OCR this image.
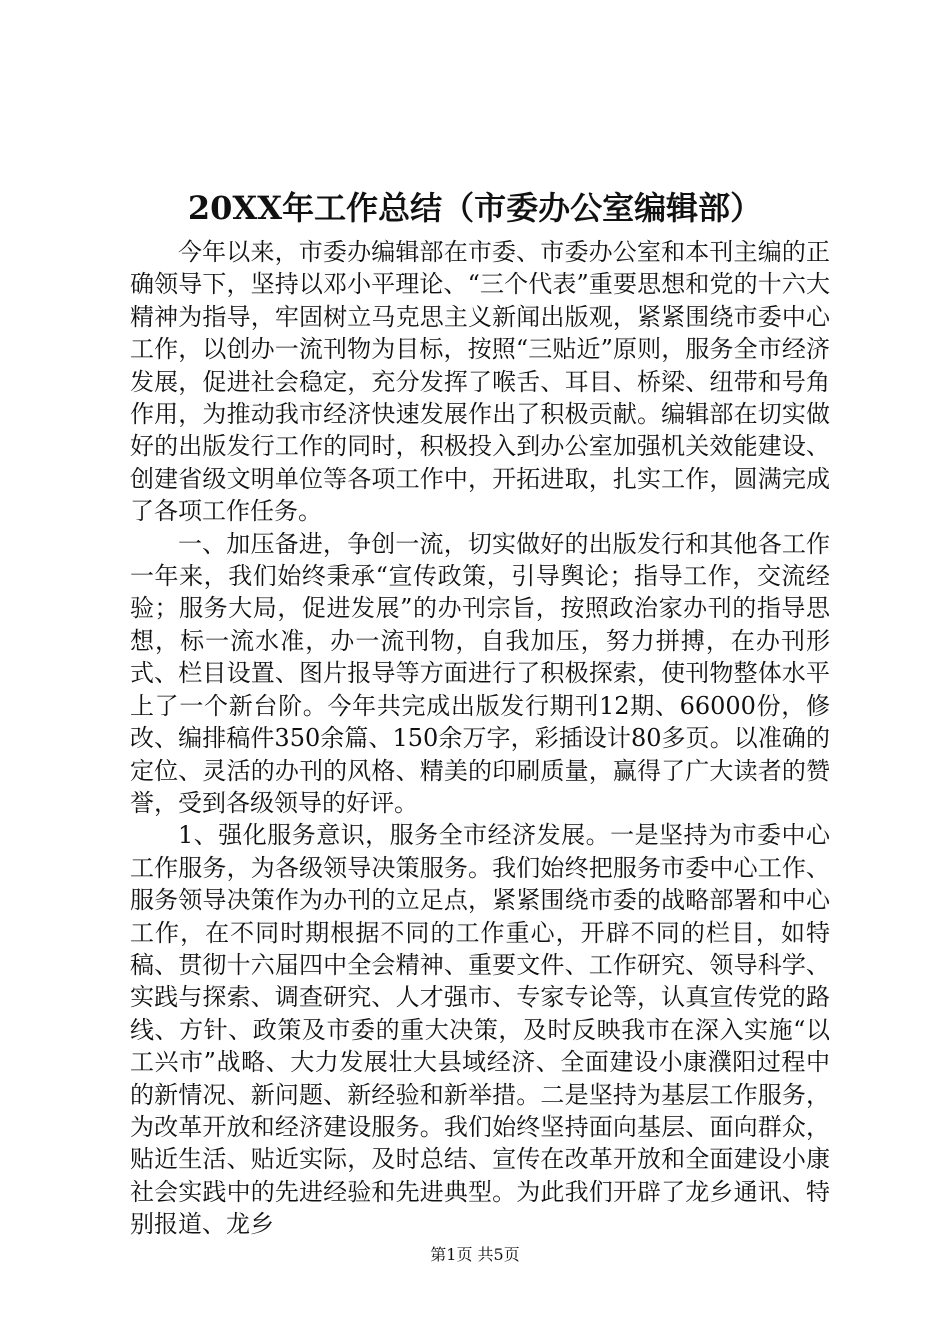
20XX年工作总结（市委办公室编辑部）

今年以来，市委办编辑部在市委、市委办公室和本刊主编的正确领导下，坚持以邓小平理论、“三个代表”重要思想和党的十六大精神为指导，牢固树立马克思主义新闻出版观，紧紧围绕市委中心工作，以创办一流刊物为目标，按照“三贴近”原则，服务全市经济发展，促进社会稳定，充分发挥了喉舌、耳目、桥梁、纽带和号角作用，为推动我市经济快速发展作出了积极贡献。编辑部在切实做好的出版发行工作的同时，积极投入到办公室加强机关效能建设、创建省级文明单位等各项工作中，开拓进取，扎实工作，圆满完成了各项工作任务。

一、加压备进，争创一流，切实做好的出版发行和其他各工作一年来，我们始终秉承“宣传政策，引导舆论；指导工作，交流经验；服务大局，促进发展”的办刊宗旨，按照政治家办刊的指导思想，标一流水准，办一流刊物，自我加压，努力拼搏，在办刊形式、栏目设置、图片报导等方面进行了积极探索，使刊物整体水平上了一个新台阶。今年共完成出版发行期刊12期、66000份，修改、编排稿件350余篇、150余万字，彩插设计80多页。以准确的定位、灵活的办刊的风格、精美的印刷质量，赢得了广大读者的赞誉，受到各级领导的好评。

1、强化服务意识，服务全市经济发展。一是坚持为市委中心工作服务，为各级领导决策服务。我们始终把服务市委中心工作、服务领导决策作为办刊的立足点，紧紧围绕市委的战略部署和中心工作，在不同时期根据不同的工作重心，开辟不同的栏目，如特稿、贯彻十六届四中全会精神、重要文件、工作研究、领导科学、实践与探索、调查研究、人才强市、专家专论等，认真宣传党的路线、方针、政策及市委的重大决策，及时反映我市在深入实施“以工兴市”战略、大力发展壮大县域经济、全面建设小康濮阳过程中的新情况、新问题、新经验和新举措。二是坚持为基层工作服务，为改革开放和经济建设服务。我们始终坚持面向基层、面向群众，贴近生活、贴近实际，及时总结、宣传在改革开放和全面建设小康社会实践中的先进经验和先进典型。为此我们开辟了龙乡通讯、特别报道、龙乡

第1页 共5页
